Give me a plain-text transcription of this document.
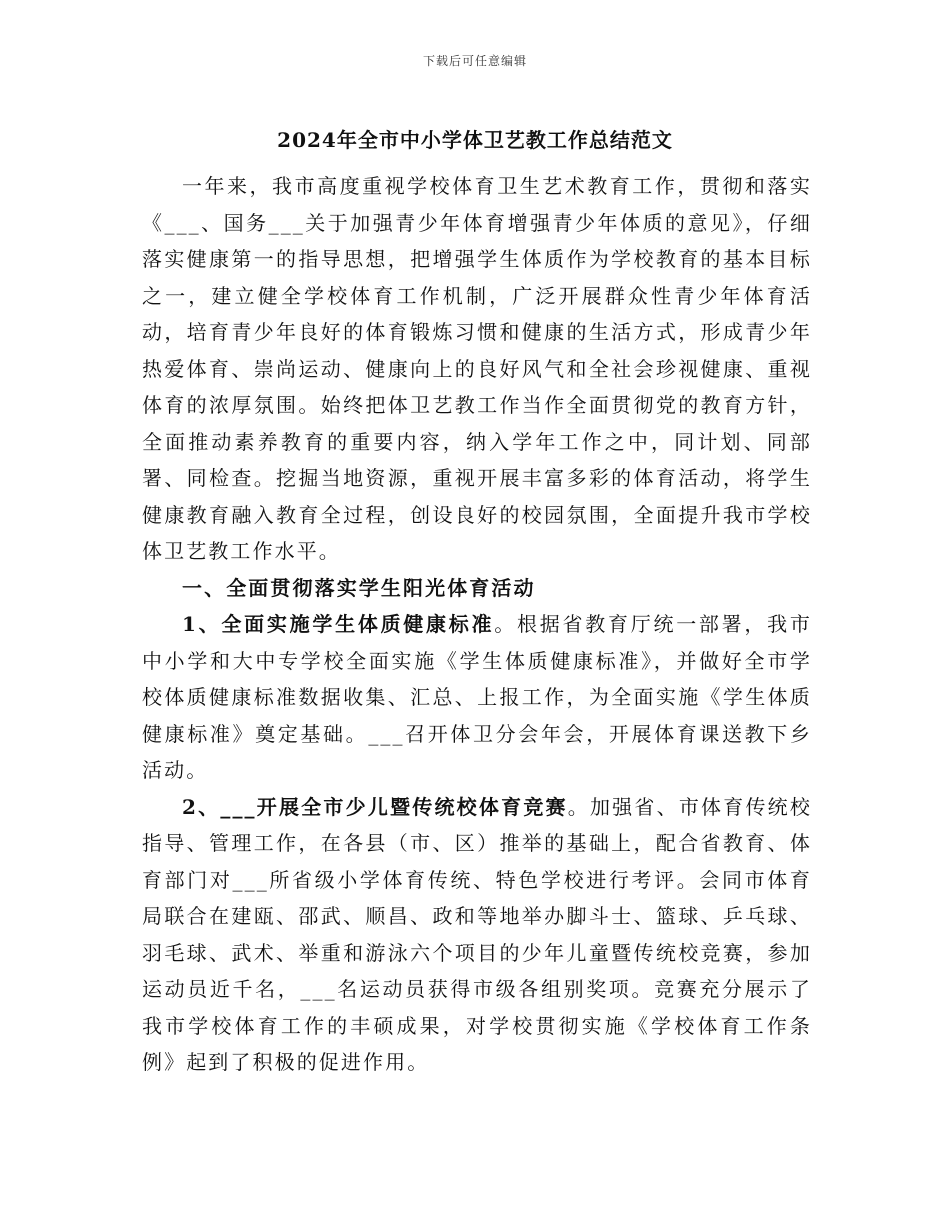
下载后可任意编辑
2024年全市中小学体卫艺教工作总结范文

一年来，我市高度重视学校体育卫生艺术教育工作，贯彻和落实《___、国务___关于加强青少年体育增强青少年体质的意见》，仔细落实健康第一的指导思想，把增强学生体质作为学校教育的基本目标之一，建立健全学校体育工作机制，广泛开展群众性青少年体育活动，培育青少年良好的体育锻炼习惯和健康的生活方式，形成青少年热爱体育、崇尚运动、健康向上的良好风气和全社会珍视健康、重视体育的浓厚氛围。始终把体卫艺教工作当作全面贯彻党的教育方针，全面推动素养教育的重要内容，纳入学年工作之中，同计划、同部署、同检查。挖掘当地资源，重视开展丰富多彩的体育活动，将学生健康教育融入教育全过程，创设良好的校园氛围，全面提升我市学校体卫艺教工作水平。

一、全面贯彻落实学生阳光体育活动

1、全面实施学生体质健康标准。根据省教育厅统一部署，我市中小学和大中专学校全面实施《学生体质健康标准》，并做好全市学校体质健康标准数据收集、汇总、上报工作，为全面实施《学生体质健康标准》奠定基础。___召开体卫分会年会，开展体育课送教下乡活动。

2、___开展全市少儿暨传统校体育竞赛。加强省、市体育传统校指导、管理工作，在各县（市、区）推举的基础上，配合省教育、体育部门对___所省级小学体育传统、特色学校进行考评。会同市体育局联合在建瓯、邵武、顺昌、政和等地举办脚斗士、篮球、乒乓球、羽毛球、武术、举重和游泳六个项目的少年儿童暨传统校竞赛，参加运动员近千名，___名运动员获得市级各组别奖项。竞赛充分展示了我市学校体育工作的丰硕成果，对学校贯彻实施《学校体育工作条例》起到了积极的促进作用。
